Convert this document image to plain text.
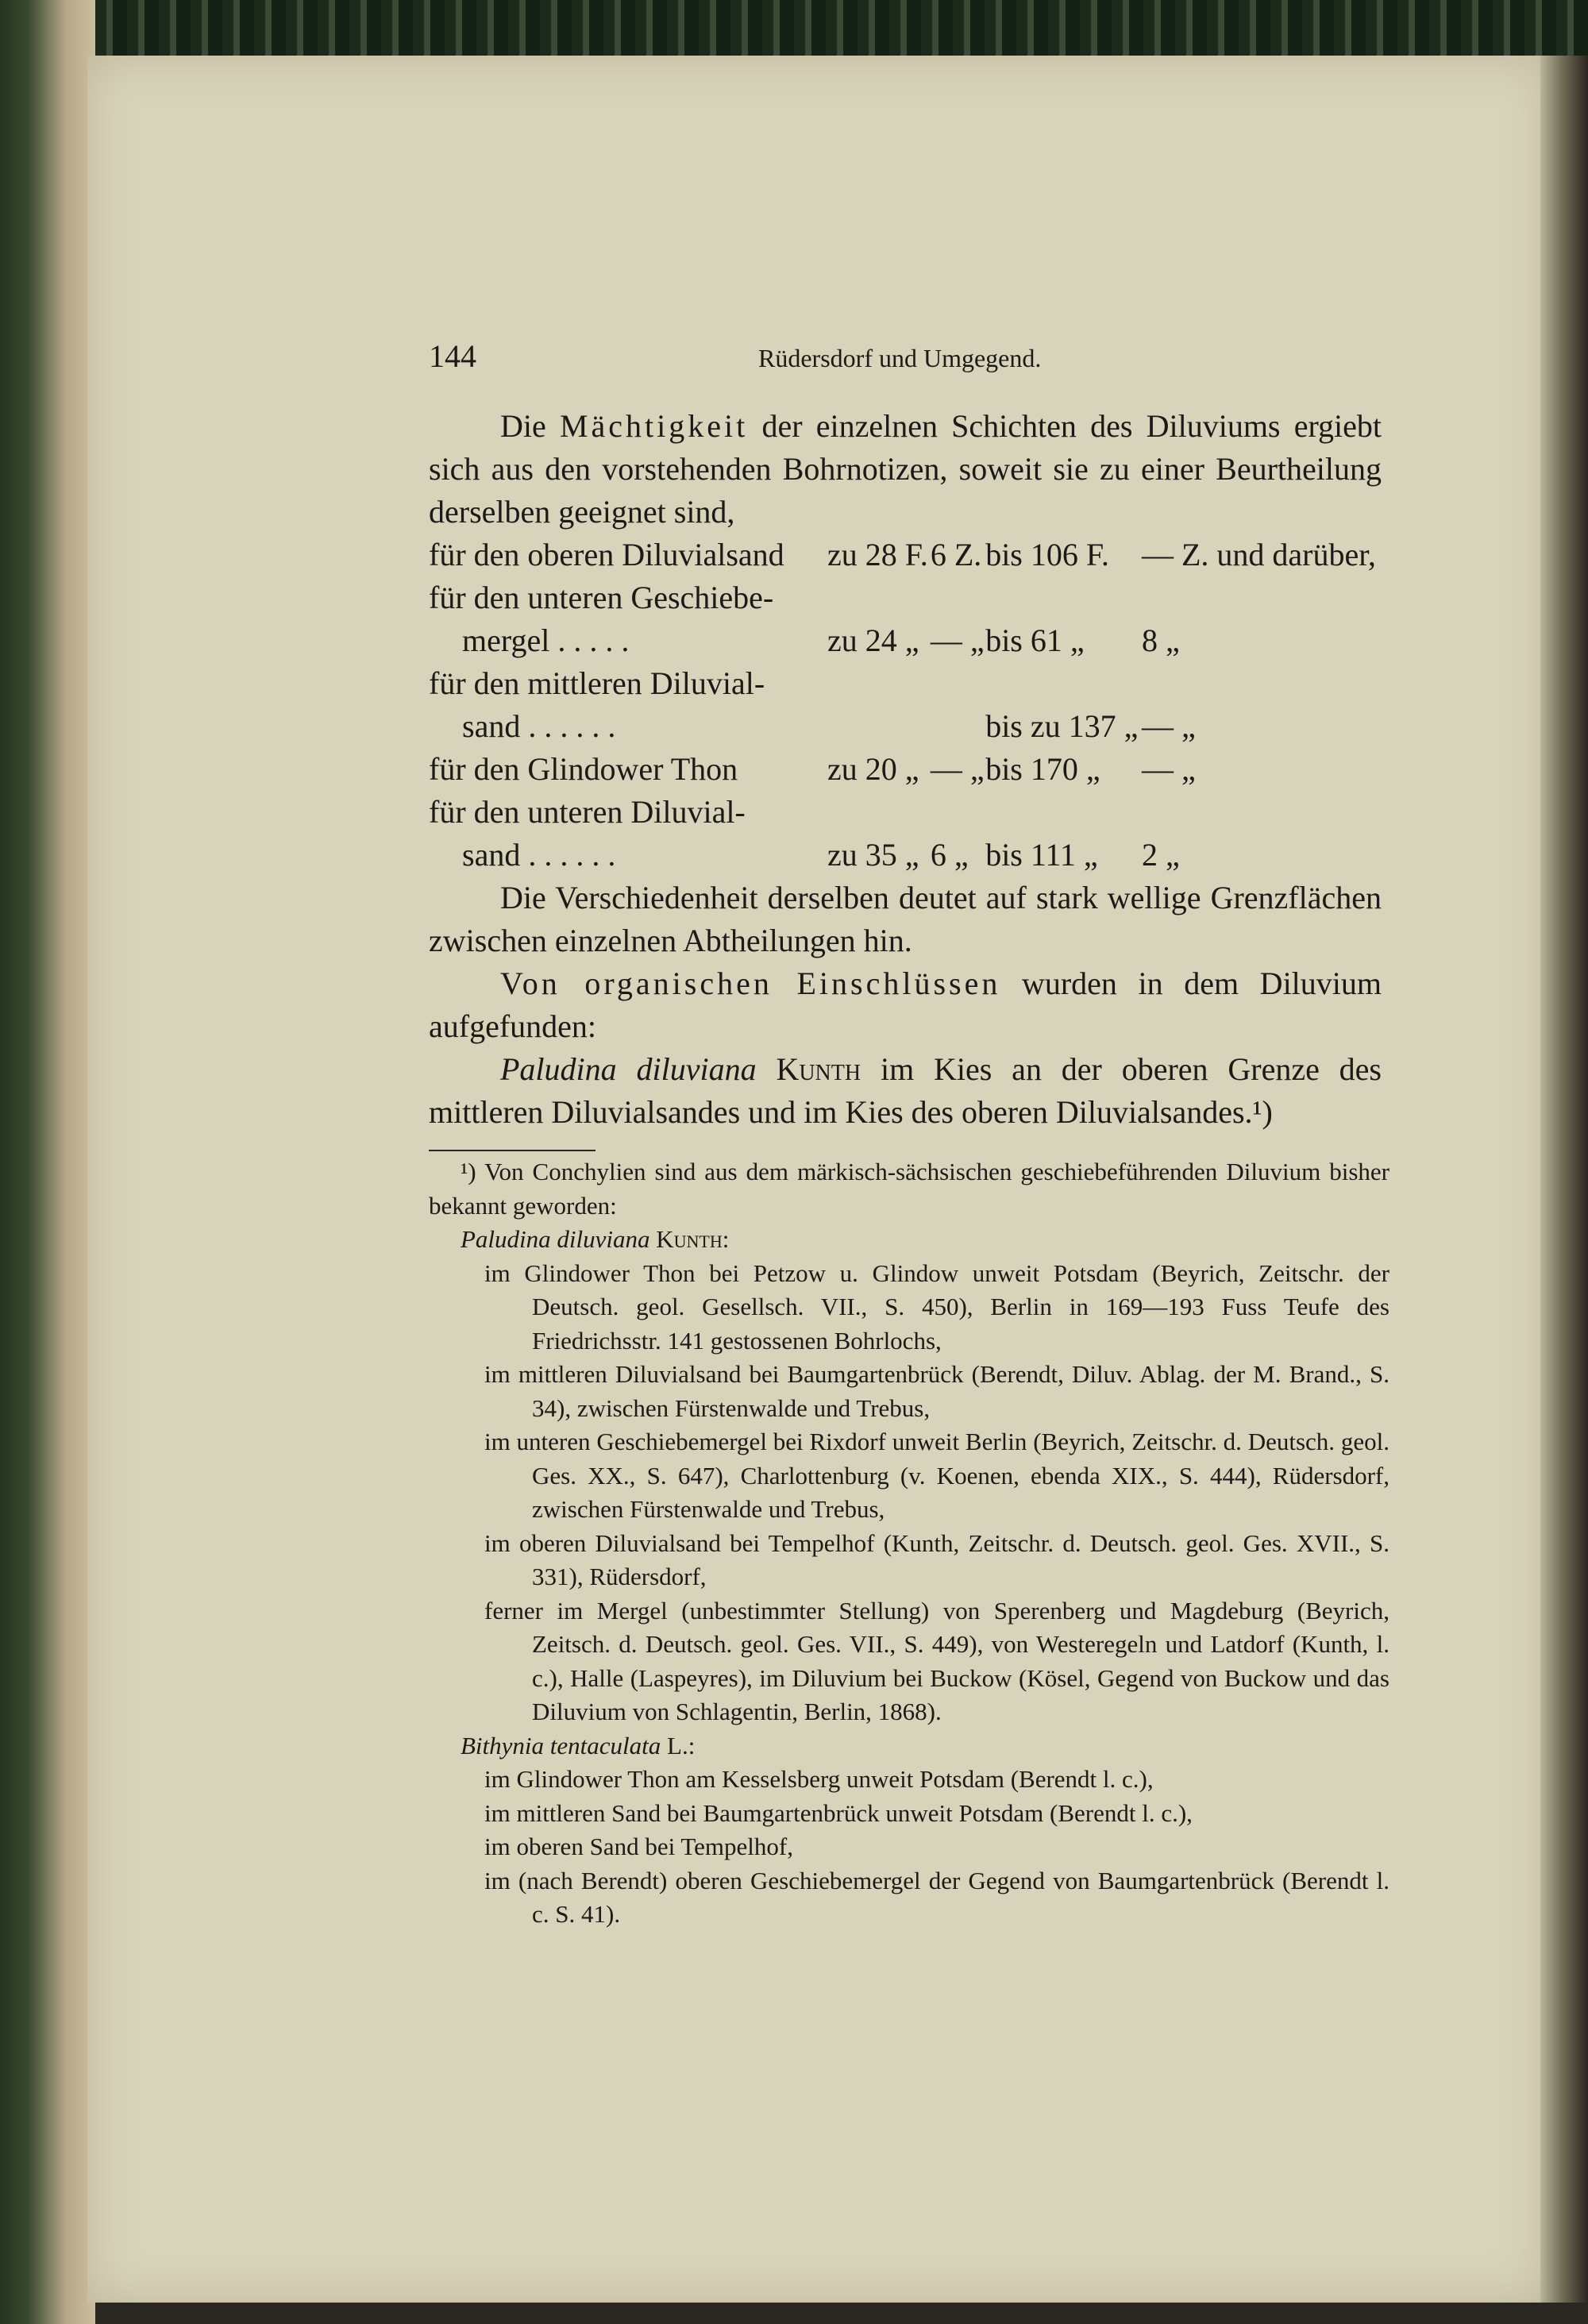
144	Rüdersdorf und Umgegend.

Die Mächtigkeit der einzelnen Schichten des Diluviums ergiebt sich aus den vorstehenden Bohrnotizen, soweit sie zu einer Beurtheilung derselben geeignet sind,

für den oberen Diluvialsand	zu 28 F.	6 Z.	bis 106 F.	— Z. und darüber,
für den unteren Geschiebe-				
mergel . . . . .	zu 24 „	— „	bis 61 „	8 „
für den mittleren Diluvial-				
sand . . . . . .			bis zu 137 „	— „
für den Glindower Thon	zu 20 „	— „	bis 170 „	— „
für den unteren Diluvial-				
sand . . . . . .	zu 35 „	6 „	bis 111 „	2 „

Die Verschiedenheit derselben deutet auf stark wellige Grenzflächen zwischen einzelnen Abtheilungen hin.

Von organischen Einschlüssen wurden in dem Diluvium aufgefunden:

Paludina diluviana Kunth im Kies an der oberen Grenze des mittleren Diluvialsandes und im Kies des oberen Diluvialsandes.¹)

¹) Von Conchylien sind aus dem märkisch-sächsischen geschiebeführenden Diluvium bisher bekannt geworden:

Paludina diluviana Kunth:

im Glindower Thon bei Petzow u. Glindow unweit Potsdam (Beyrich, Zeitschr. der Deutsch. geol. Gesellsch. VII., S. 450), Berlin in 169—193 Fuss Teufe des Friedrichsstr. 141 gestossenen Bohrlochs,

im mittleren Diluvialsand bei Baumgartenbrück (Berendt, Diluv. Ablag. der M. Brand., S. 34), zwischen Fürstenwalde und Trebus,

im unteren Geschiebemergel bei Rixdorf unweit Berlin (Beyrich, Zeitschr. d. Deutsch. geol. Ges. XX., S. 647), Charlottenburg (v. Koenen, ebenda XIX., S. 444), Rüdersdorf, zwischen Fürstenwalde und Trebus,

im oberen Diluvialsand bei Tempelhof (Kunth, Zeitschr. d. Deutsch. geol. Ges. XVII., S. 331), Rüdersdorf,

ferner im Mergel (unbestimmter Stellung) von Sperenberg und Magdeburg (Beyrich, Zeitsch. d. Deutsch. geol. Ges. VII., S. 449), von Westeregeln und Latdorf (Kunth, l. c.), Halle (Laspeyres), im Diluvium bei Buckow (Kösel, Gegend von Buckow und das Diluvium von Schlagentin, Berlin, 1868).

Bithynia tentaculata L.:

im Glindower Thon am Kesselsberg unweit Potsdam (Berendt l. c.),

im mittleren Sand bei Baumgartenbrück unweit Potsdam (Berendt l. c.),

im oberen Sand bei Tempelhof,

im (nach Berendt) oberen Geschiebemergel der Gegend von Baumgartenbrück (Berendt l. c. S. 41).
